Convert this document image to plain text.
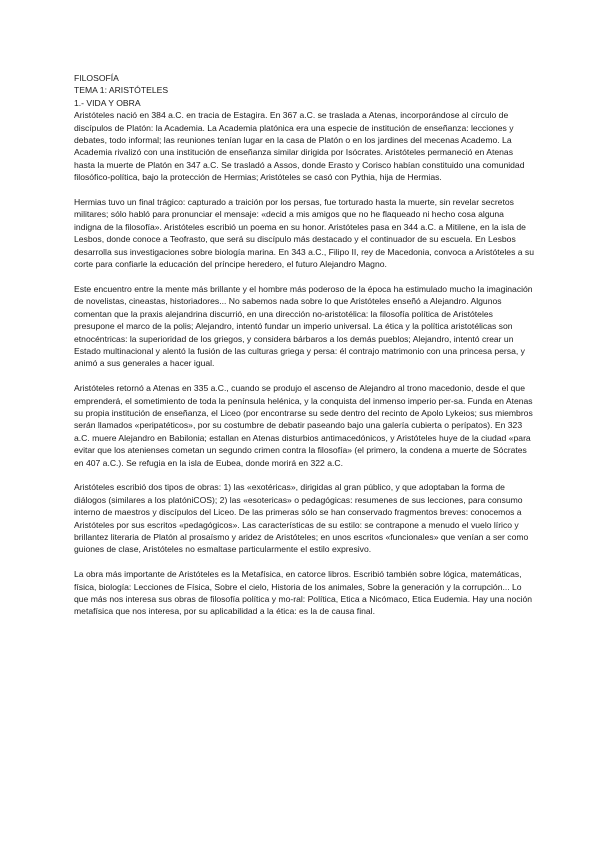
FILOSOFÍA
TEMA 1: ARISTÓTELES
1.- VIDA Y OBRA

Aristóteles nació en 384 a.C. en tracia de Estagira. En 367 a.C. se traslada a Atenas, incorporándose al círculo de discípulos de Platón: la Academia. La Academia platónica era una especie de institución de enseñanza: lecciones y debates, todo informal; las reuniones tenían lugar en la casa de Platón o en los jardines del mecenas Academo. La Academia rivalizó con una institución de enseñanza similar dirigida por Isócrates. Aristóteles permaneció en Atenas hasta la muerte de Platón en 347 a.C. Se trasladó a Assos, donde Erasto y Corisco habían constituido una comunidad filosófico-política, bajo la protección de Hermias; Aristóteles se casó con Pythia, hija de Hermias.

Hermias tuvo un final trágico: capturado a traición por los persas, fue torturado hasta la muerte, sin revelar secretos militares; sólo habló para pronunciar el mensaje: «decid a mis amigos que no he flaqueado ni hecho cosa alguna indigna de la filosofía». Aristóteles escribió un poema en su honor. Aristóteles pasa en 344 a.C. a Mitilene, en la isla de Lesbos, donde conoce a Teofrasto, que será su discípulo más destacado y el continuador de su escuela. En Lesbos desarrolla sus investigaciones sobre biología marina. En 343 a.C., Filipo II, rey de Macedonia, convoca a Aristóteles a su corte para confiarle la educación del príncipe heredero, el futuro Alejandro Magno.

Este encuentro entre la mente más brillante y el hombre más poderoso de la época ha estimulado mucho la imaginación de novelistas, cineastas, historiadores... No sabemos nada sobre lo que Aristóteles enseñó a Alejandro. Algunos comentan que la praxis alejandrina discurrió, en una dirección no-aristotélica: la filosofía política de Aristóteles presupone el marco de la polis; Alejandro, intentó fundar un imperio universal. La ética y la política aristotélicas son etnocéntricas: la superioridad de los griegos, y considera bárbaros a los demás pueblos; Alejandro, intentó crear un Estado multinacional y alentó la fusión de las culturas griega y persa: él contrajo matrimonio con una princesa persa, y animó a sus generales a hacer igual.

Aristóteles retornó a Atenas en 335 a.C., cuando se produjo el ascenso de Alejandro al trono macedonio, desde el que emprenderá, el sometimiento de toda la península helénica, y la conquista del inmenso imperio per-sa. Funda en Atenas su propia institución de enseñanza, el Liceo (por encontrarse su sede dentro del recinto de Apolo Lykeios; sus miembros serán llamados «peripatéticos», por su costumbre de debatir paseando bajo una galería cubierta o perípatos). En 323 a.C. muere Alejandro en Babilonia; estallan en Atenas disturbios antimacedónicos, y Aristóteles huye de la ciudad «para evitar que los atenienses cometan un segundo crimen contra la filosofía» (el primero, la condena a muerte de Sócrates en 407 a.C.). Se refugia en la isla de Eubea, donde morirá en 322 a.C.

Aristóteles escribió dos tipos de obras: 1) las «exotéricas», dirigidas al gran público, y que adoptaban la forma de diálogos (similares a los platóniCOS); 2) las «esotericas» o pedagógicas: resumenes de sus lecciones, para consumo interno de maestros y discípulos del Liceo. De las primeras sólo se han conservado fragmentos breves: conocemos a Aristóteles por sus escritos «pedagógicos». Las características de su estilo: se contrapone a menudo el vuelo lírico y brillantez literaria de Platón al prosaísmo y aridez de Aristóteles; en unos escritos «funcionales» que venían a ser como guiones de clase, Aristóteles no esmaltase particularmente el estilo expresivo.

La obra más importante de Aristóteles es la Metafísica, en catorce libros. Escribió también sobre lógica, matemáticas, física, biología: Lecciones de Física, Sobre el cielo, Historia de los animales, Sobre la generación y la corrupción... Lo que más nos interesa sus obras de filosofía política y mo-ral: Política, Etica a Nicómaco, Etica Eudemia. Hay una noción metafísica que nos interesa, por su aplicabilidad a la ética: es la de causa final.
